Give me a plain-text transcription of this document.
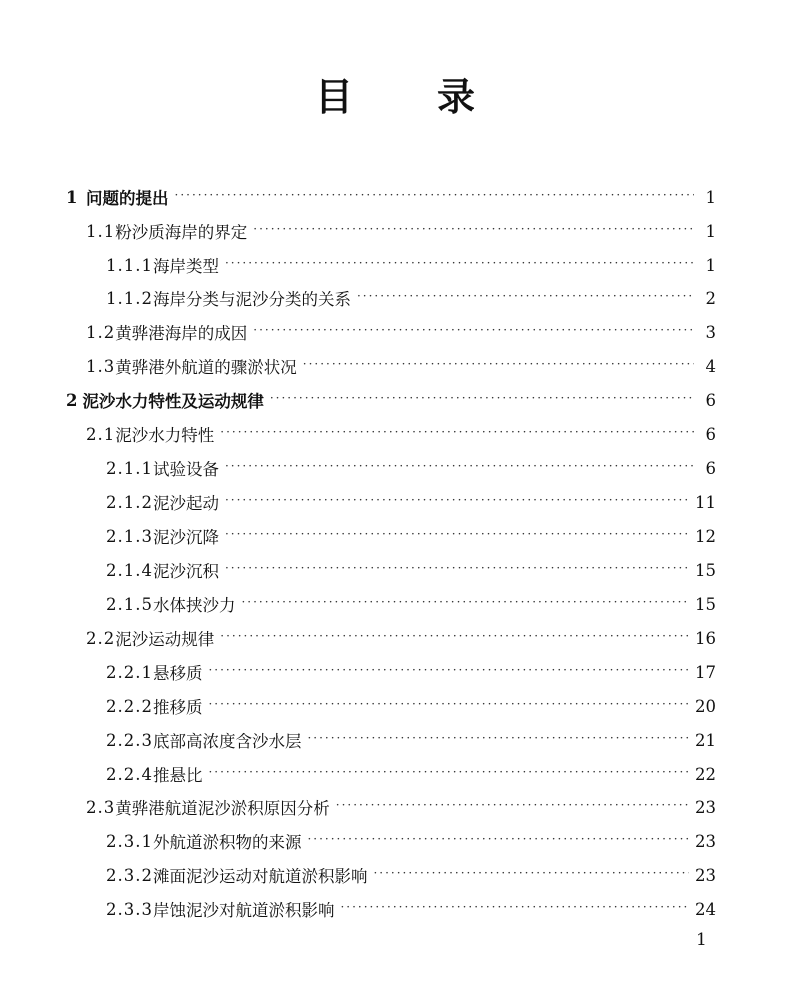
目 录
1 问题的提出 ·····	1
1.1 粉沙质海岸的界定 ·····	1
1.1.1 海岸类型 ·····	1
1.1.2 海岸分类与泥沙分类的关系 ·····	2
1.2 黄骅港海岸的成因 ·····	3
1.3 黄骅港外航道的骤淤状况 ·····	4
2 泥沙水力特性及运动规律 ·····	6
2.1 泥沙水力特性 ·····	6
2.1.1 试验设备 ·····	6
2.1.2 泥沙起动 ·····	11
2.1.3 泥沙沉降 ·····	12
2.1.4 泥沙沉积 ·····	15
2.1.5 水体挟沙力 ·····	15
2.2 泥沙运动规律 ·····	16
2.2.1 悬移质 ·····	17
2.2.2 推移质 ·····	20
2.2.3 底部高浓度含沙水层 ·····	21
2.2.4 推悬比 ·····	22
2.3 黄骅港航道泥沙淤积原因分析 ·····	23
2.3.1 外航道淤积物的来源 ·····	23
2.3.2 滩面泥沙运动对航道淤积影响 ·····	23
2.3.3 岸蚀泥沙对航道淤积影响 ·····	24
1
